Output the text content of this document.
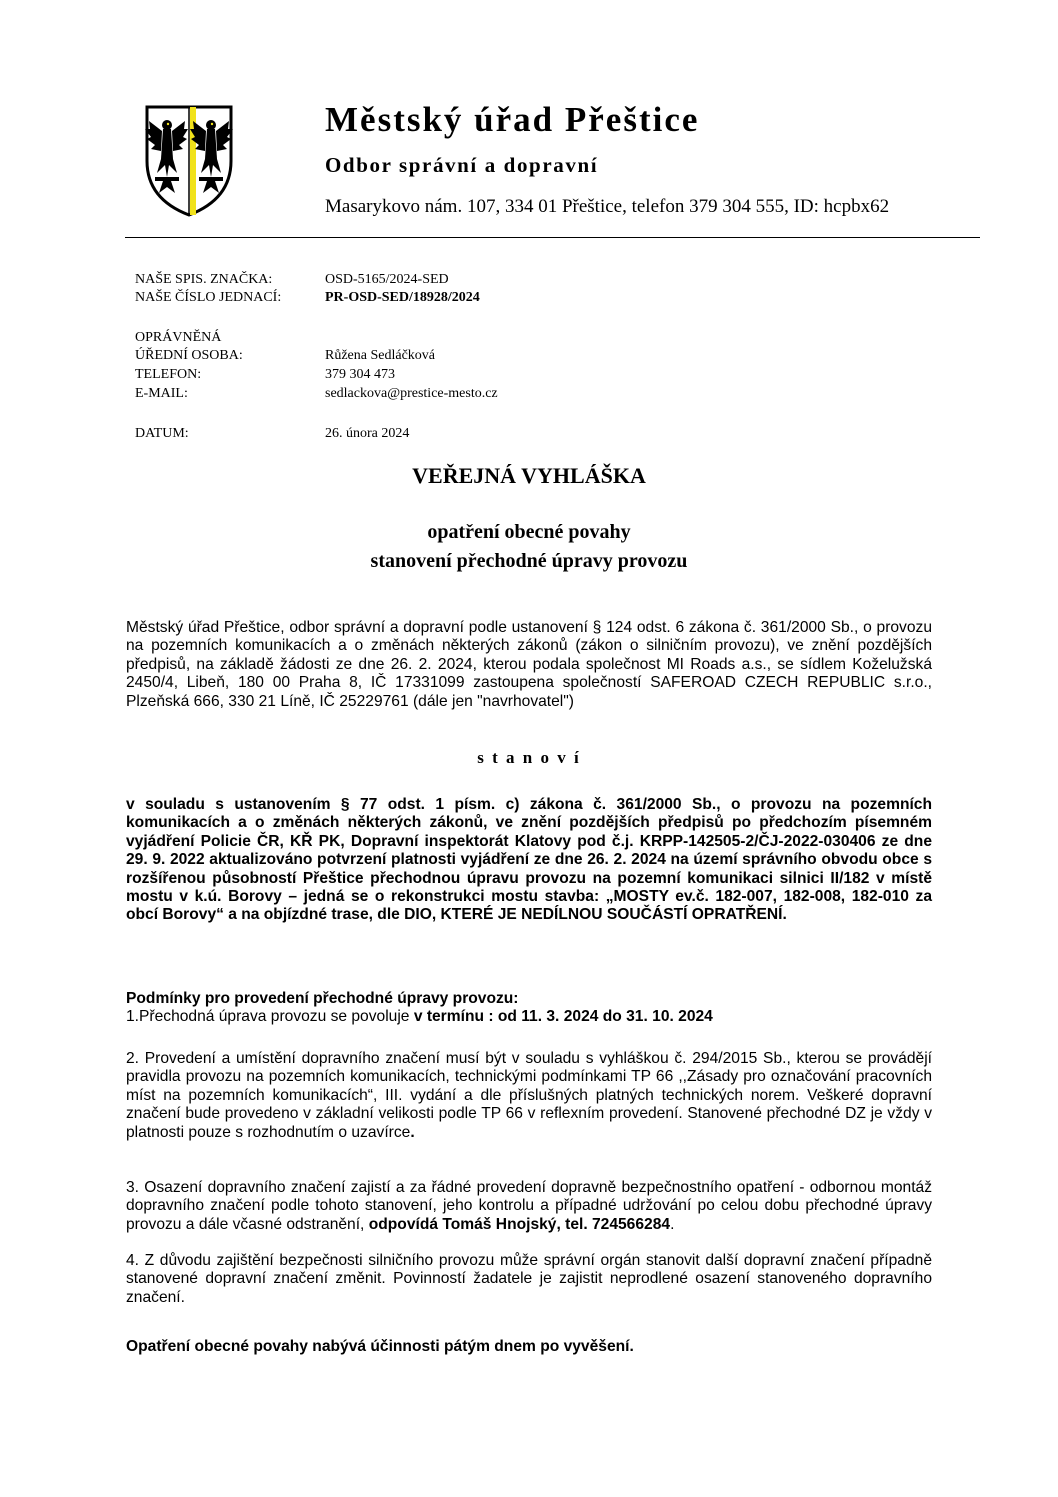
Městský úřad Přeštice
Odbor správní a dopravní
Masarykovo nám. 107, 334 01 Přeštice, telefon 379 304 555, ID: hcpbx62
NAŠE SPIS. ZNAČKA:	OSD-5165/2024-SED
NAŠE ČÍSLO JEDNACÍ:	PR-OSD-SED/18928/2024
OPRÁVNĚNÁ
ÚŘEDNÍ OSOBA:	Růžena Sedláčková
TELEFON:	379 304 473
E-MAIL:	sedlackova@prestice-mesto.cz
DATUM:	26. února 2024
VEŘEJNÁ VYHLÁŠKA
opatření obecné povahy
stanovení přechodné úpravy provozu

Městský úřad Přeštice, odbor správní a dopravní podle ustanovení § 124 odst. 6 zákona č. 361/2000 Sb., o provozu na pozemních komunikacích a o změnách některých zákonů (zákon o silničním provozu), ve znění pozdějších předpisů, na základě žádosti ze dne 26. 2. 2024, kterou podala společnost MI Roads a.s., se sídlem Koželužská 2450/4, Libeň, 180 00 Praha 8, IČ 17331099 zastoupena společností SAFEROAD CZECH REPUBLIC s.r.o., Plzeňská 666, 330 21 Líně, IČ 25229761 (dále jen "navrhovatel")

s t a n o v í

v souladu s ustanovením § 77 odst. 1 písm. c) zákona č. 361/2000 Sb., o provozu na pozemních komunikacích a o změnách některých zákonů, ve znění pozdějších předpisů po předchozím písemném vyjádření Policie ČR, KŘ PK, Dopravní inspektorát Klatovy pod č.j. KRPP-142505-2/ČJ-2022-030406 ze dne 29. 9. 2022 aktualizováno potvrzení platnosti vyjádření ze dne 26. 2. 2024 na území správního obvodu obce s rozšířenou působností Přeštice přechodnou úpravu provozu na pozemní komunikaci silnici II/182 v místě mostu v k.ú. Borovy – jedná se o rekonstrukci mostu stavba: „MOSTY ev.č. 182-007, 182-008, 182-010 za obcí Borovy“ a na objízdné trase, dle DIO, KTERÉ JE NEDÍLNOU SOUČÁSTÍ OPRATŘENÍ.

Podmínky pro provedení přechodné úpravy provozu:

1.Přechodná úprava provozu se povoluje v termínu : od 11. 3. 2024 do 31. 10. 2024

2. Provedení a umístění dopravního značení musí být v souladu s vyhláškou č. 294/2015 Sb., kterou se provádějí pravidla provozu na pozemních komunikacích, technickými podmínkami TP 66 ,,Zásady pro označování pracovních míst na pozemních komunikacích“, III. vydání a dle příslušných platných technických norem. Veškeré dopravní značení bude provedeno v základní velikosti podle TP 66 v reflexním provedení. Stanovené přechodné DZ je vždy v platnosti pouze s rozhodnutím o uzavírce.

3. Osazení dopravního značení zajistí a za řádné provedení dopravně bezpečnostního opatření - odbornou montáž dopravního značení podle tohoto stanovení, jeho kontrolu a případné udržování po celou dobu přechodné úpravy provozu a dále včasné odstranění, odpovídá Tomáš Hnojský, tel. 724566284.

4. Z důvodu zajištění bezpečnosti silničního provozu může správní orgán stanovit další dopravní značení případně stanovené dopravní značení změnit. Povinností žadatele je zajistit neprodlené osazení stanoveného dopravního značení.

Opatření obecné povahy nabývá účinnosti pátým dnem po vyvěšení.
